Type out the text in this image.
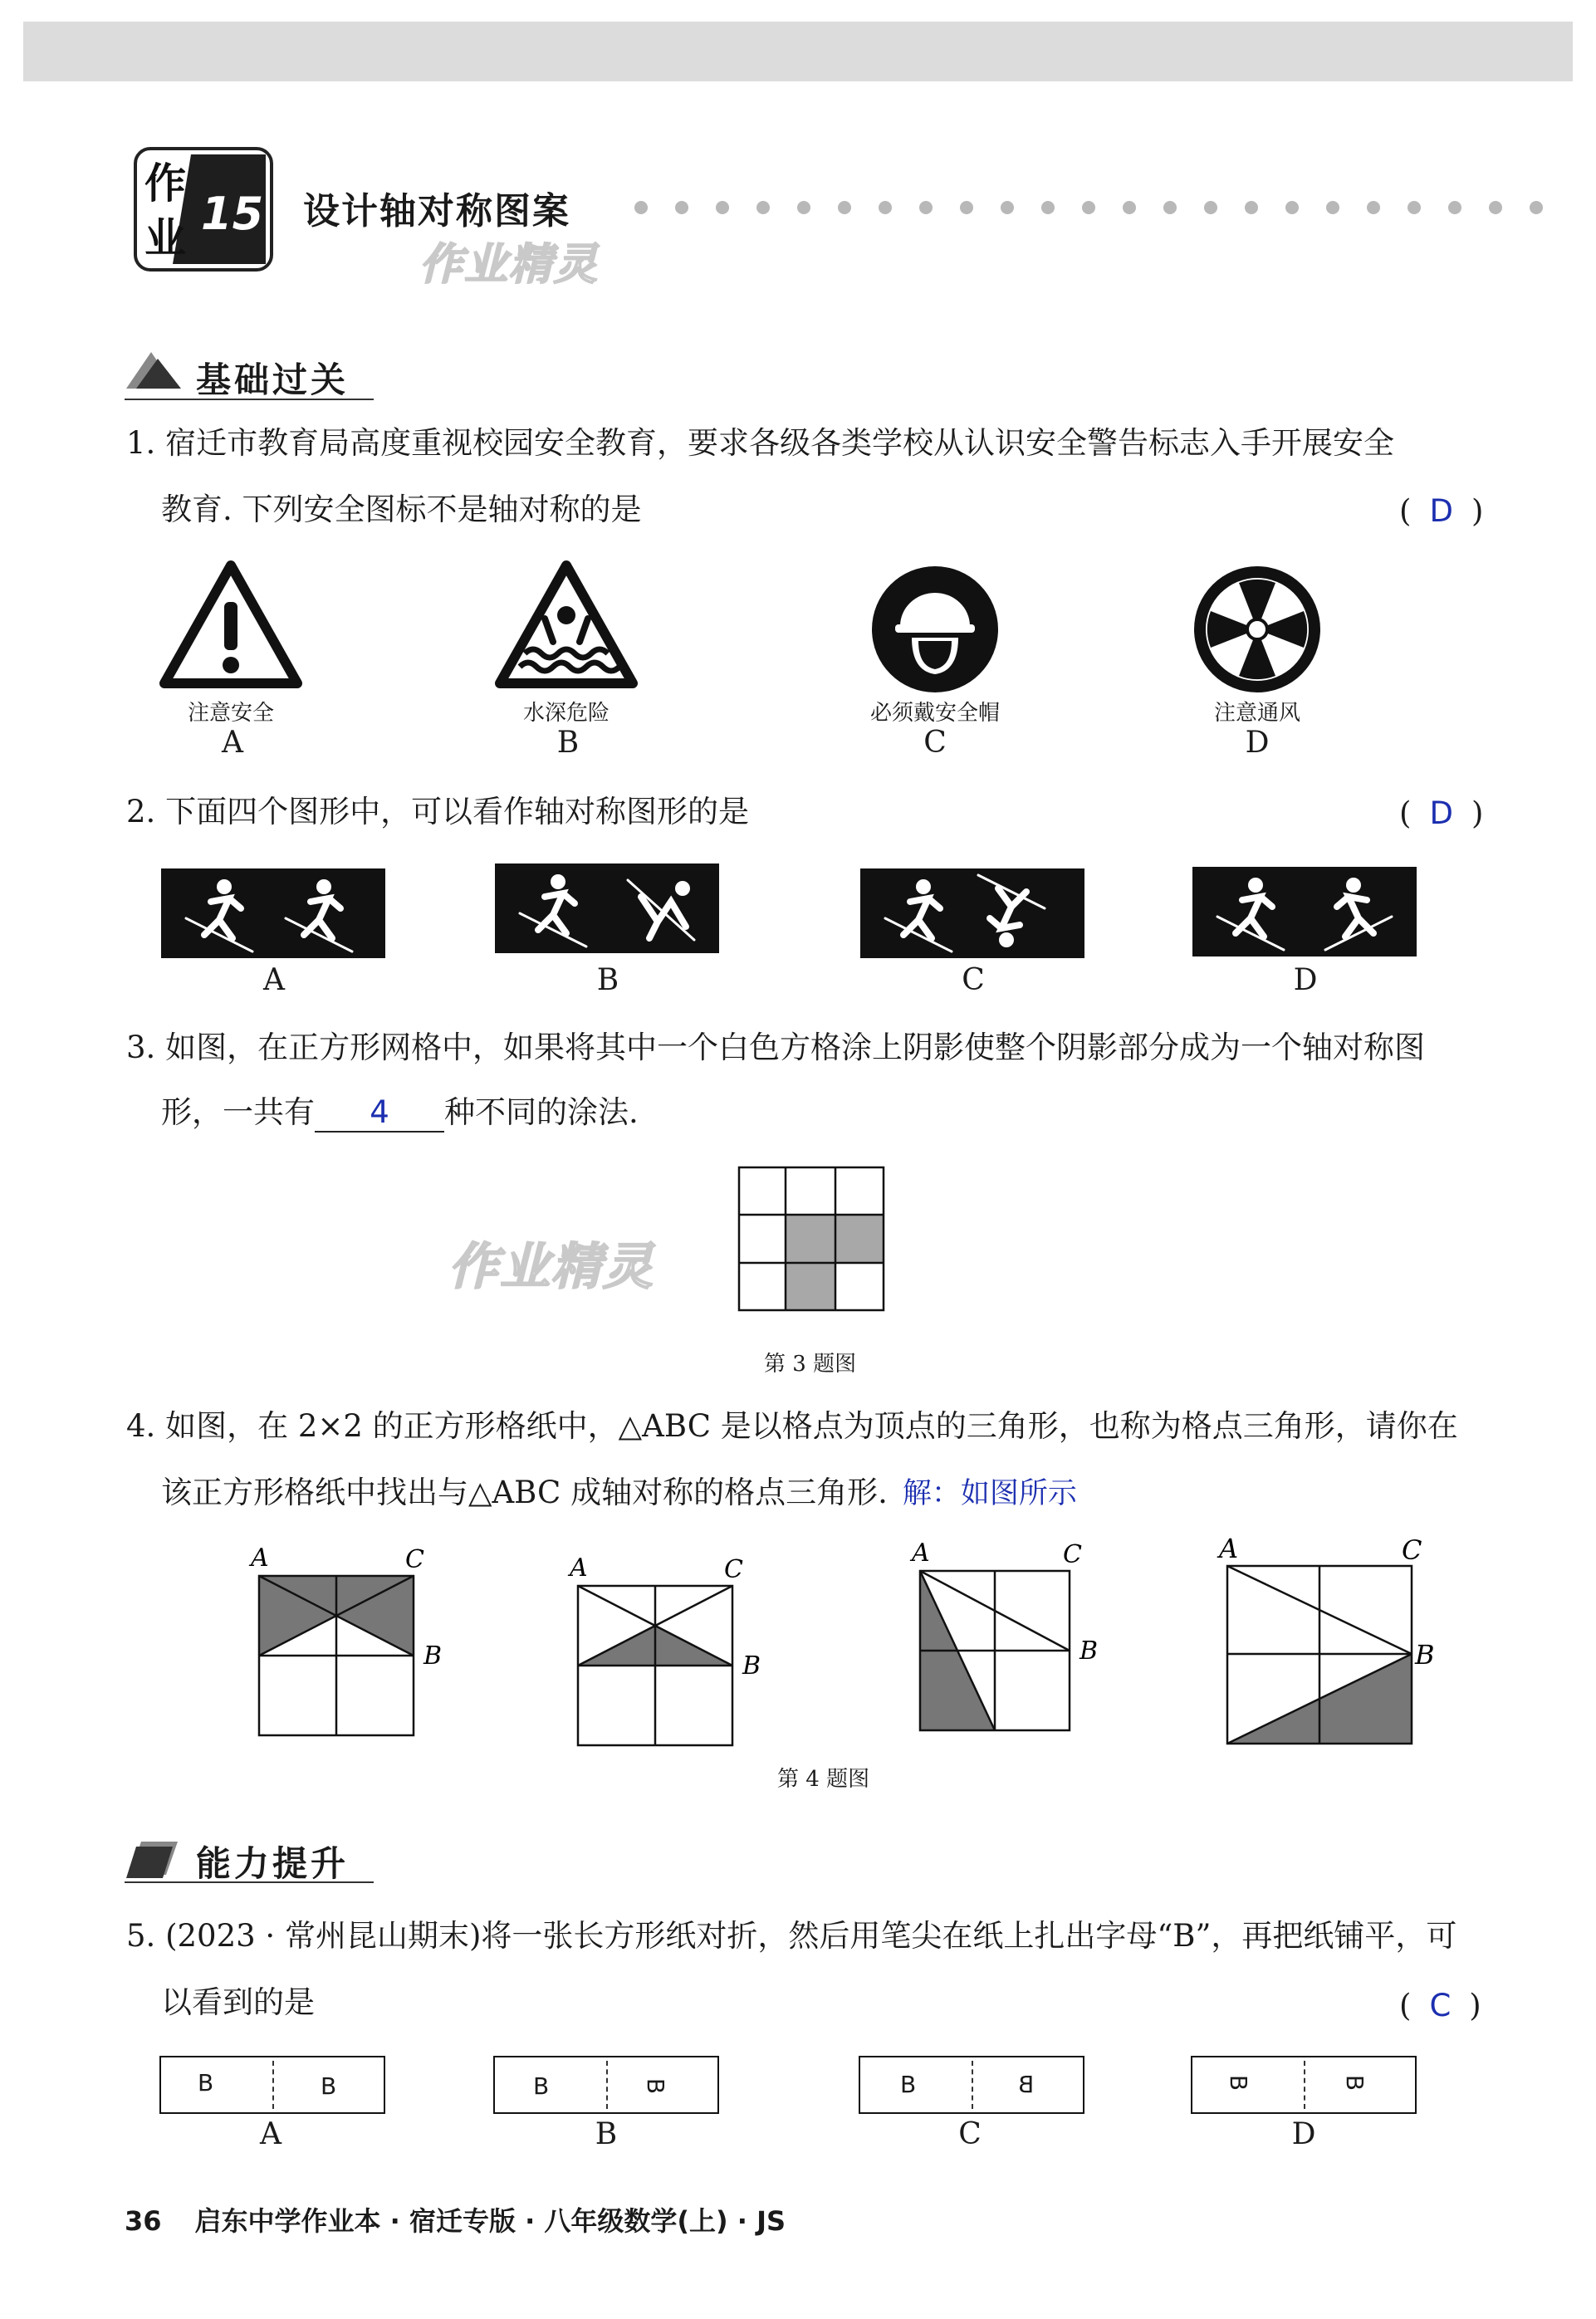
作
业 15 设计轴对称图案
作业精灵
基础过关
1. 宿迁市教育局高度重视校园安全教育，要求各级各类学校从认识安全警告标志入手开展安全
教育. 下列安全图标不是轴对称的是	( D )
注意安全
A
水深危险
B
必须戴安全帽
C
注意通风
D
2. 下面四个图形中，可以看作轴对称图形的是	( D )
A	B	C	D
3. 如图，在正方形网格中，如果将其中一个白色方格涂上阴影使整个阴影部分成为一个轴对称图
形，一共有 4 种不同的涂法.
作业精灵
第 3 题图
4. 如图，在 2×2 的正方形格纸中，△ABC 是以格点为顶点的三角形，也称为格点三角形，请你在
该正方形格纸中找出与△ABC 成轴对称的格点三角形. 解：如图所示
A	C
B
A	C
B
A	C
B
A	C
B
第 4 题图
能力提升
5. (2023 · 常州昆山期末)将一张长方形纸对折，然后用笔尖在纸上扎出字母“B”，再把纸铺平，可
以看到的是	( C )
B	B
A
B	B
B
B	B
C
B	B
D
36 启东中学作业本 · 宿迁专版 · 八年级数学(上) · JS
